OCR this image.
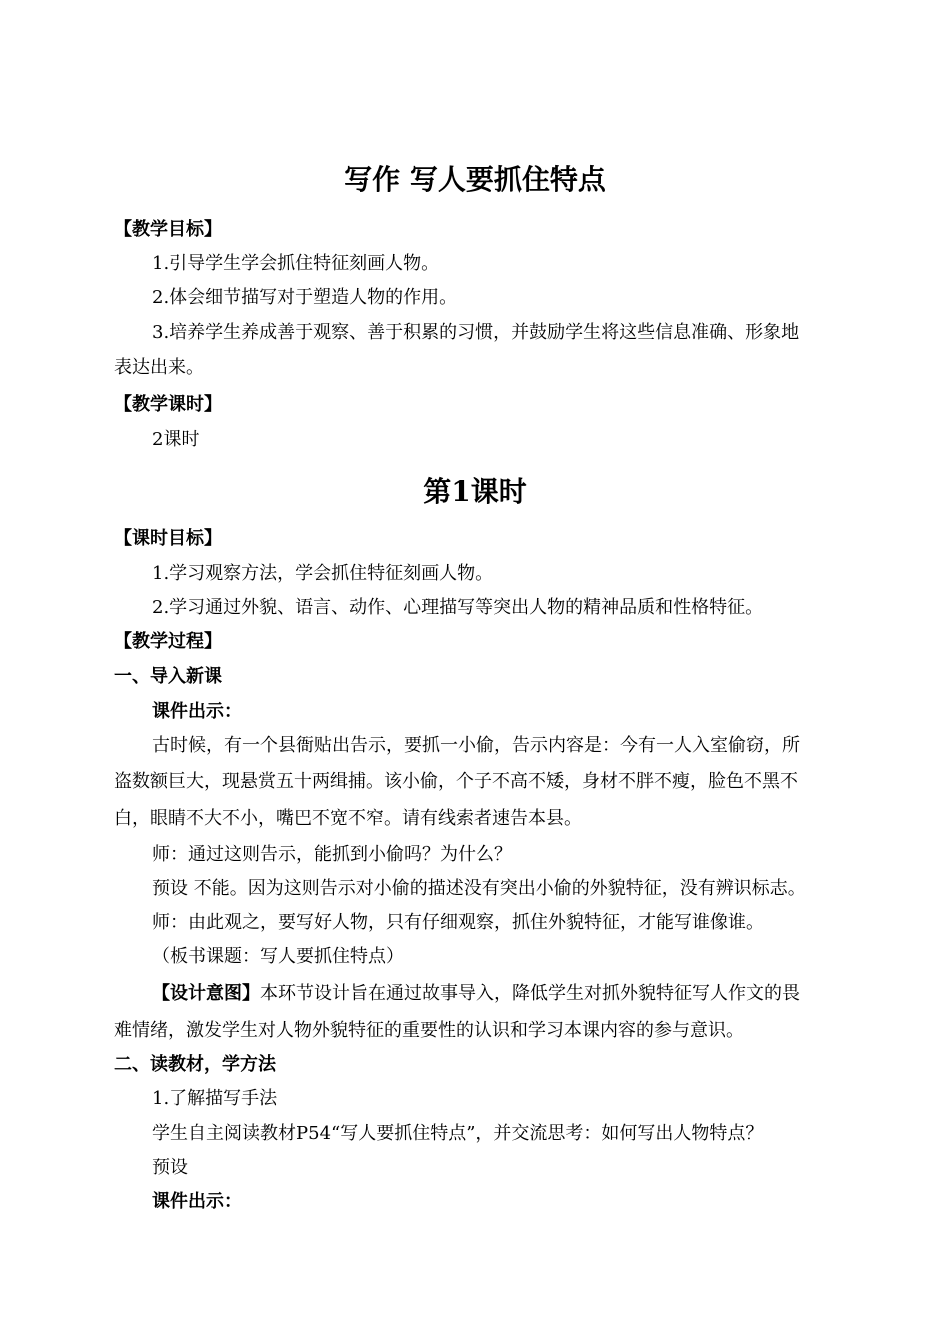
写作 写人要抓住特点
【教学目标】
1.引导学生学会抓住特征刻画人物。
2.体会细节描写对于塑造人物的作用。
3.培养学生养成善于观察、善于积累的习惯，并鼓励学生将这些信息准确、形象地
表达出来。
【教学课时】
2课时
第1课时
【课时目标】
1.学习观察方法，学会抓住特征刻画人物。
2.学习通过外貌、语言、动作、心理描写等突出人物的精神品质和性格特征。
【教学过程】
一、导入新课
课件出示：
古时候，有一个县衙贴出告示，要抓一小偷，告示内容是：今有一人入室偷窃，所
盗数额巨大，现悬赏五十两缉捕。该小偷，个子不高不矮，身材不胖不瘦，脸色不黑不
白，眼睛不大不小，嘴巴不宽不窄。请有线索者速告本县。
师：通过这则告示，能抓到小偷吗？为什么？
预设 不能。因为这则告示对小偷的描述没有突出小偷的外貌特征，没有辨识标志。
师：由此观之，要写好人物，只有仔细观察，抓住外貌特征，才能写谁像谁。
（板书课题：写人要抓住特点）
【设计意图】本环节设计旨在通过故事导入，降低学生对抓外貌特征写人作文的畏
难情绪，激发学生对人物外貌特征的重要性的认识和学习本课内容的参与意识。
二、读教材，学方法
1.了解描写手法
学生自主阅读教材P54“写人要抓住特点”，并交流思考：如何写出人物特点？
预设
课件出示：
